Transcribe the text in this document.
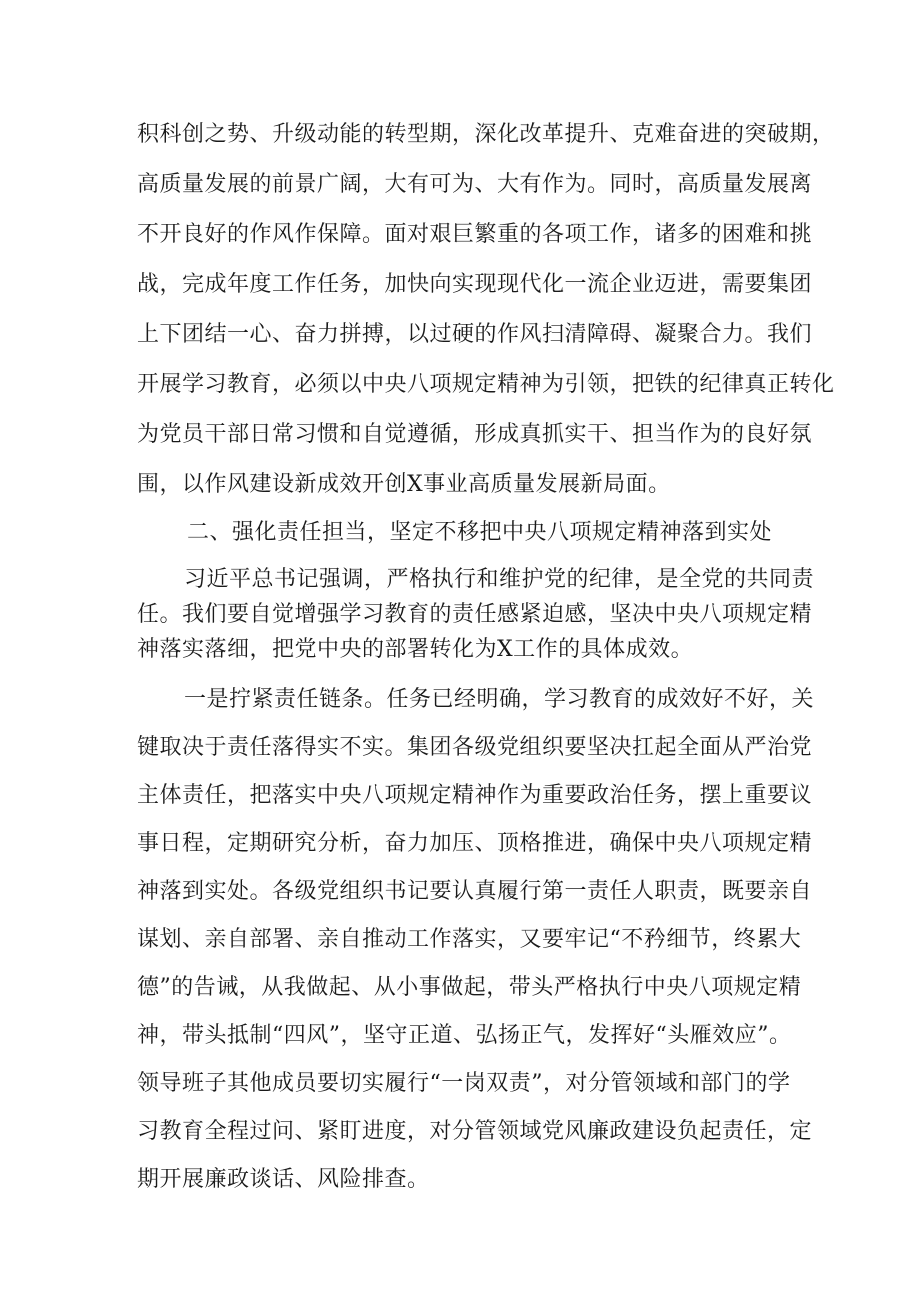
积科创之势、升级动能的转型期，深化改革提升、克难奋进的突破期，
高质量发展的前景广阔，大有可为、大有作为。同时，高质量发展离
不开良好的作风作保障。面对艰巨繁重的各项工作，诸多的困难和挑
战，完成年度工作任务，加快向实现现代化一流企业迈进，需要集团
上下团结一心、奋力拼搏，以过硬的作风扫清障碍、凝聚合力。我们
开展学习教育，必须以中央八项规定精神为引领，把铁的纪律真正转化
为党员干部日常习惯和自觉遵循，形成真抓实干、担当作为的良好氛
围，以作风建设新成效开创X事业高质量发展新局面。
二、强化责任担当，坚定不移把中央八项规定精神落到实处
习近平总书记强调，严格执行和维护党的纪律，是全党的共同责
任。我们要自觉增强学习教育的责任感紧迫感，坚决中央八项规定精
神落实落细，把党中央的部署转化为X工作的具体成效。
一是拧紧责任链条。任务已经明确，学习教育的成效好不好，关
键取决于责任落得实不实。集团各级党组织要坚决扛起全面从严治党
主体责任，把落实中央八项规定精神作为重要政治任务，摆上重要议
事日程，定期研究分析，奋力加压、顶格推进，确保中央八项规定精
神落到实处。各级党组织书记要认真履行第一责任人职责，既要亲自
谋划、亲自部署、亲自推动工作落实，又要牢记“不矜细节，终累大
德”的告诫，从我做起、从小事做起，带头严格执行中央八项规定精
神，带头抵制“四风”，坚守正道、弘扬正气，发挥好“头雁效应”。
领导班子其他成员要切实履行“一岗双责”，对分管领域和部门的学
习教育全程过问、紧盯进度，对分管领域党风廉政建设负起责任，定
期开展廉政谈话、风险排查。
